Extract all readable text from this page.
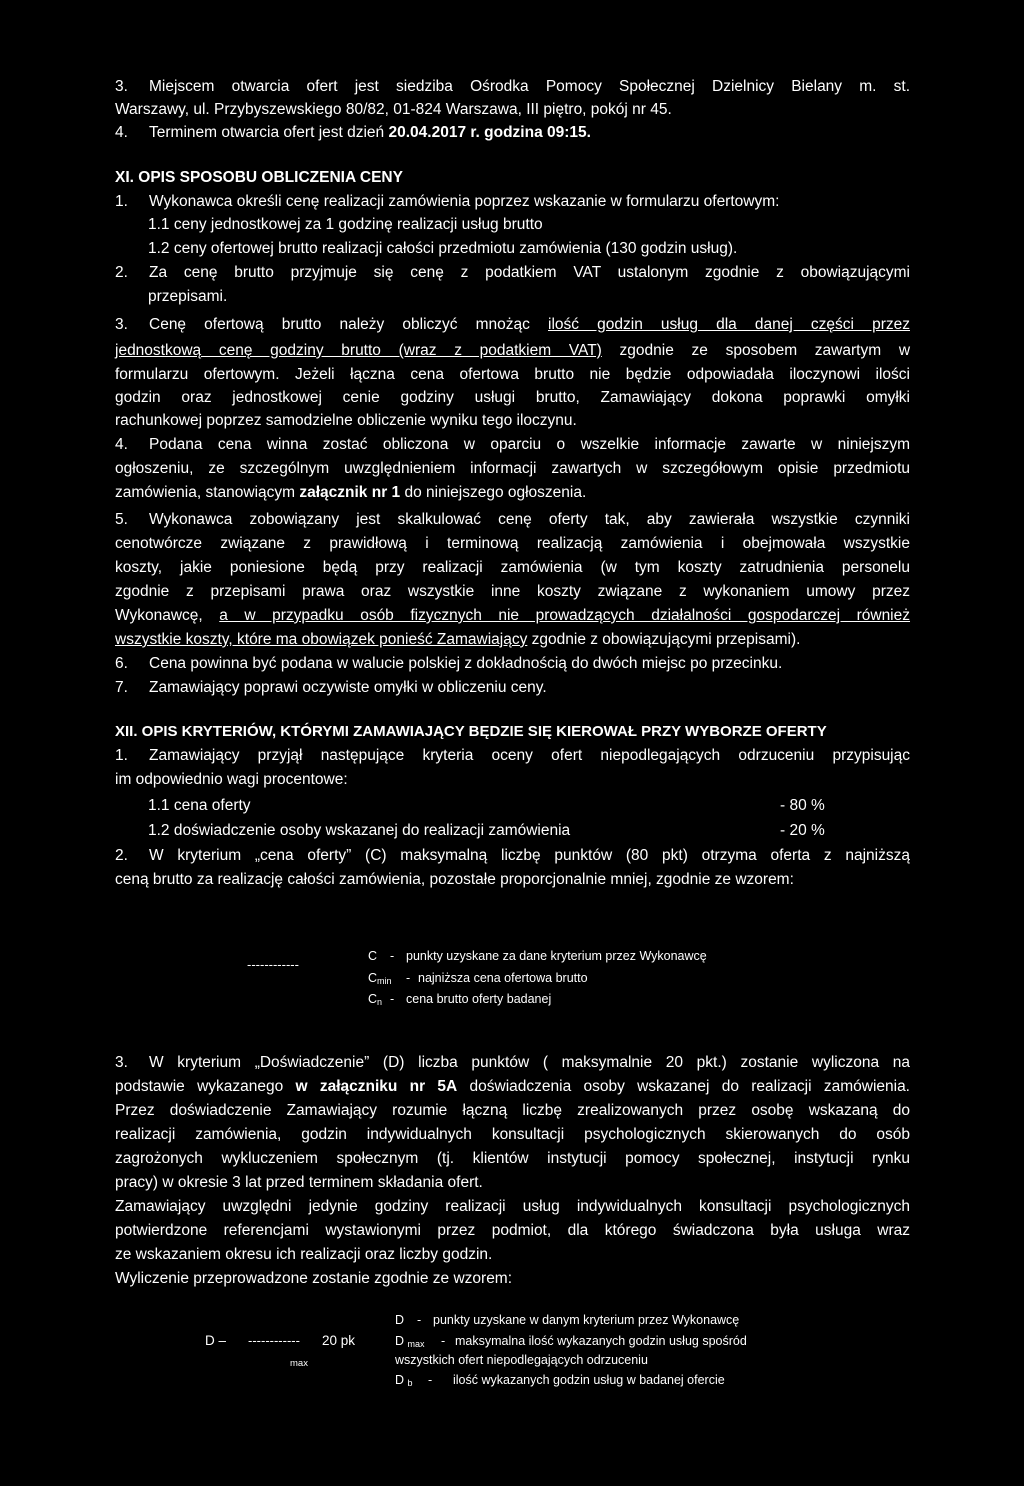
3. Miejscem otwarcia ofert jest siedziba Ośrodka Pomocy Społecznej Dzielnicy Bielany m. st.
Warszawy, ul. Przybyszewskiego 80/82, 01-824 Warszawa, III piętro, pokój nr 45.
4. Terminem otwarcia ofert jest dzień 20.04.2017 r. godzina 09:15.
XI. OPIS SPOSOBU OBLICZENIA CENY
1. Wykonawca określi cenę realizacji zamówienia poprzez wskazanie w formularzu ofertowym:
1.1 ceny jednostkowej za 1 godzinę realizacji usług brutto
1.2 ceny ofertowej brutto realizacji całości przedmiotu zamówienia (130 godzin usług).
2. Za cenę brutto przyjmuje się cenę z podatkiem VAT ustalonym zgodnie z obowiązującymi
przepisami.
3. Cenę ofertową brutto należy obliczyć mnożąc ilość godzin usług dla danej części przez
jednostkową cenę godziny brutto (wraz z podatkiem VAT) zgodnie ze sposobem zawartym w
formularzu ofertowym. Jeżeli łączna cena ofertowa brutto nie będzie odpowiadała iloczynowi ilości
godzin oraz jednostkowej cenie godziny usługi brutto, Zamawiający dokona poprawki omyłki
rachunkowej poprzez samodzielne obliczenie wyniku tego iloczynu.
4. Podana cena winna zostać obliczona w oparciu o wszelkie informacje zawarte w niniejszym
ogłoszeniu, ze szczególnym uwzględnieniem informacji zawartych w szczegółowym opisie przedmiotu
zamówienia, stanowiącym załącznik nr 1 do niniejszego ogłoszenia.
5. Wykonawca zobowiązany jest skalkulować cenę oferty tak, aby zawierała wszystkie czynniki
cenotwórcze związane z prawidłową i terminową realizacją zamówienia i obejmowała wszystkie
koszty, jakie poniesione będą przy realizacji zamówienia (w tym koszty zatrudnienia personelu
zgodnie z przepisami prawa oraz wszystkie inne koszty związane z wykonaniem umowy przez
Wykonawcę, a w przypadku osób fizycznych nie prowadzących działalności gospodarczej również
wszystkie koszty, które ma obowiązek ponieść Zamawiający zgodnie z obowiązującymi przepisami).
6. Cena powinna być podana w walucie polskiej z dokładnością do dwóch miejsc po przecinku.
7. Zamawiający poprawi oczywiste omyłki w obliczeniu ceny.
XII. OPIS KRYTERIÓW, KTÓRYMI ZAMAWIAJĄCY BĘDZIE SIĘ KIEROWAŁ PRZY WYBORZE OFERTY
1. Zamawiający przyjął następujące kryteria oceny ofert niepodlegających odrzuceniu przypisując
im odpowiednio wagi procentowe:
1.1 cena oferty	- 80 %
1.2 doświadczenie osoby wskazanej do realizacji zamówienia	- 20 %
2. W kryterium „cena oferty” (C) maksymalną liczbę punktów (80 pkt) otrzyma oferta z najniższą
ceną brutto za realizację całości zamówienia, pozostałe proporcjonalnie mniej, zgodnie ze wzorem:
------------
C - punkty uzyskane za dane kryterium przez Wykonawcę
$C_{min}$ - najniższa cena ofertowa brutto
$C_n$ - cena brutto oferty badanej
3. W kryterium „Doświadczenie” (D) liczba punktów ( maksymalnie 20 pkt.) zostanie wyliczona na
podstawie wykazanego w załączniku nr 5A doświadczenia osoby wskazanej do realizacji zamówienia.
Przez doświadczenie Zamawiający rozumie łączną liczbę zrealizowanych przez osobę wskazaną do
realizacji zamówienia, godzin indywidualnych konsultacji psychologicznych skierowanych do osób
zagrożonych wykluczeniem społecznym (tj. klientów instytucji pomocy społecznej, instytucji rynku
pracy) w okresie 3 lat przed terminem składania ofert.
Zamawiający uwzględni jedynie godziny realizacji usług indywidualnych konsultacji psychologicznych
potwierdzone referencjami wystawionymi przez podmiot, dla którego świadczona była usługa wraz
ze wskazaniem okresu ich realizacji oraz liczby godzin.
Wyliczenie przeprowadzone zostanie zgodnie ze wzorem:
D – ------------ 20 pk
max
D - punkty uzyskane w danym kryterium przez Wykonawcę
D $_{max}$ - maksymalna ilość wykazanych godzin usług spośród
wszystkich ofert niepodlegających odrzuceniu
D $_b$ - ilość wykazanych godzin usług w badanej ofercie
